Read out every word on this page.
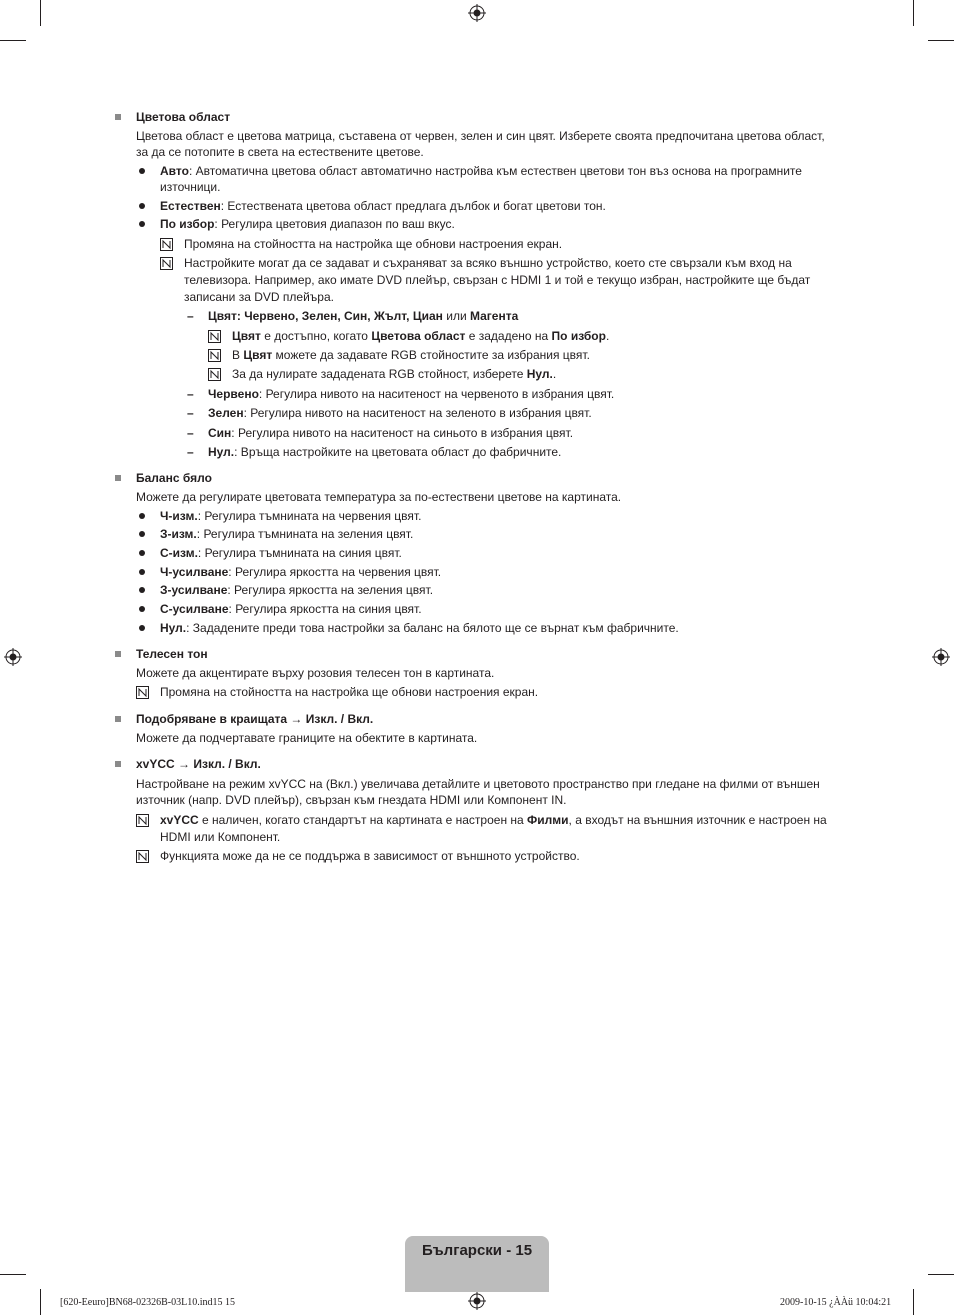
Цветова област
Цветова област е цветова матрица, съставена от червен, зелен и син цвят. Изберете своята предпочитана цветова област,
за да се потопите в света на естествените цветове.
Авто: Автоматична цветова област автоматично настройва към естествен цветови тон въз основа на програмните
източници.
Естествен: Естествената цветова област предлага дълбок и богат цветови тон.
По избор: Регулира цветовия диапазон по ваш вкус.
Промяна на стойността на настройка ще обнови настроения екран.
Настройките могат да се задават и съхраняват за всяко външно устройство, което сте свързали към вход на
телевизора. Например, ако имате DVD плейър, свързан с HDMI 1 и той е текущо избран, настройките ще бъдат
записани за DVD плейъра.
– Цвят: Червено, Зелен, Син, Жълт, Циан или Магента
Цвят е достъпно, когато Цветова област е зададено на По избор.
В Цвят можете да задавате RGB стойностите за избрания цвят.
За да нулирате зададената RGB стойност, изберете Нул..
– Червено: Регулира нивото на наситеност на червеното в избрания цвят.
– Зелен: Регулира нивото на наситеност на зеленото в избрания цвят.
– Син: Регулира нивото на наситеност на синьото в избрания цвят.
– Нул.: Връща настройките на цветовата област до фабричните.
Баланс бяло
Можете да регулирате цветовата температура за по-естествени цветове на картината.
Ч-изм.: Регулира тъмнината на червения цвят.
З-изм.: Регулира тъмнината на зеления цвят.
С-изм.: Регулира тъмнината на синия цвят.
Ч-усилване: Регулира яркостта на червения цвят.
З-усилване: Регулира яркостта на зеления цвят.
С-усилване: Регулира яркостта на синия цвят.
Нул.: Зададените преди това настройки за баланс на бялото ще се върнат към фабричните.
Телесен тон
Можете да акцентирате върху розовия телесен тон в картината.
Промяна на стойността на настройка ще обнови настроения екран.
Подобряване в краищата → Изкл. / Вкл.
Можете да подчертавате границите на обектите в картината.
xvYCC → Изкл. / Вкл.
Настройване на режим xvYCC на (Вкл.) увеличава детайлите и цветовото пространство при гледане на филми от външен
източник (напр. DVD плейър), свързан към гнездата HDMI или Компонент IN.
xvYCC е наличен, когато стандартът на картината е настроен на Филми, а входът на външния източник е настроен на
HDMI или Компонент.
Функцията може да не се поддържа в зависимост от външното устройство.
Български - 15
[620-Eeuro]BN68-02326B-03L10.ind15 15	2009-10-15 ¿ÀÀü 10:04:21
